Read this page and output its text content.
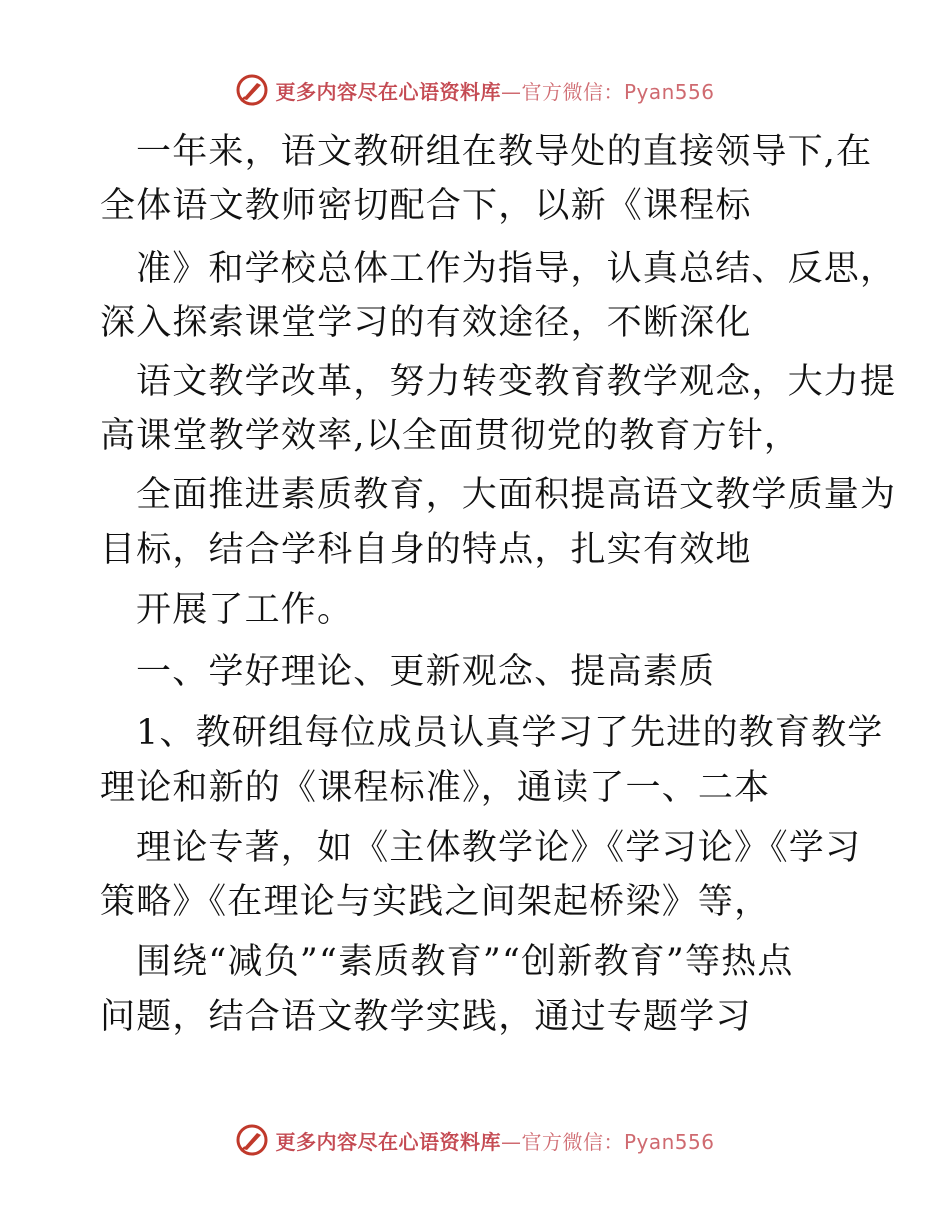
更多内容尽在心语资料库—官方微信：Pyan556
一年来，语文教研组在教导处的直接领导下,在
全体语文教师密切配合下，以新《课程标
准》和学校总体工作为指导，认真总结、反思，
深入探索课堂学习的有效途径，不断深化
语文教学改革，努力转变教育教学观念，大力提
高课堂教学效率,以全面贯彻党的教育方针，
全面推进素质教育，大面积提高语文教学质量为
目标，结合学科自身的特点，扎实有效地
开展了工作。
一、学好理论、更新观念、提高素质
1、教研组每位成员认真学习了先进的教育教学
理论和新的《课程标准》，通读了一、二本
理论专著，如《主体教学论》《学习论》《学习
策略》《在理论与实践之间架起桥梁》等，
围绕“减负”“素质教育”“创新教育”等热点
问题，结合语文教学实践，通过专题学习
更多内容尽在心语资料库—官方微信：Pyan556
